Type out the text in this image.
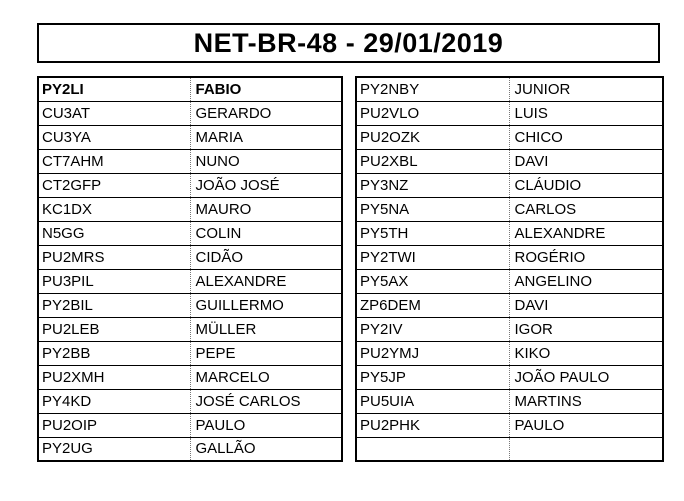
NET-BR-48 - 29/01/2019
PY2LI	FABIO
CU3AT	GERARDO
CU3YA	MARIA
CT7AHM	NUNO
CT2GFP	JOÃO JOSÉ
KC1DX	MAURO
N5GG	COLIN
PU2MRS	CIDÃO
PU3PIL	ALEXANDRE
PY2BIL	GUILLERMO
PU2LEB	MÜLLER
PY2BB	PEPE
PU2XMH	MARCELO
PY4KD	JOSÉ CARLOS
PU2OIP	PAULO
PY2UG	GALLÃO
PY2NBY	JUNIOR
PU2VLO	LUIS
PU2OZK	CHICO
PU2XBL	DAVI
PY3NZ	CLÁUDIO
PY5NA	CARLOS
PY5TH	ALEXANDRE
PY2TWI	ROGÉRIO
PY5AX	ANGELINO
ZP6DEM	DAVI
PY2IV	IGOR
PU2YMJ	KIKO
PY5JP	JOÃO PAULO
PU5UIA	MARTINS
PU2PHK	PAULO
